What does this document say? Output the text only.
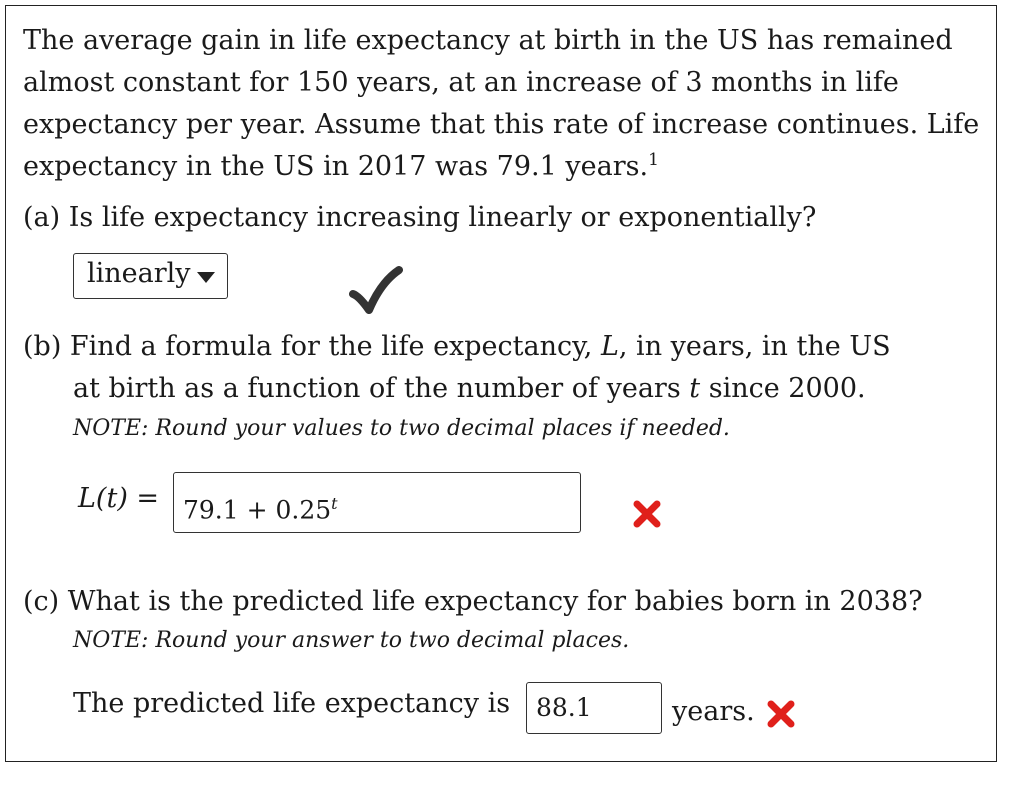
The average gain in life expectancy at birth in the US has remained almost constant for 150 years, at an increase of 3 months in life expectancy per year. Assume that this rate of increase continues. Life expectancy in the US in 2017 was 79.1 years.$^1$
(a) Is life expectancy increasing linearly or exponentially?
linearly
(b) Find a formula for the life expectancy, L, in years, in the US
at birth as a function of the number of years t since 2000.
NOTE: Round your values to two decimal places if needed.
$L(t) = 79.1 + 0.25^t$
(c) What is the predicted life expectancy for babies born in 2038?
NOTE: Round your answer to two decimal places.
The predicted life expectancy is	88.1	years.
